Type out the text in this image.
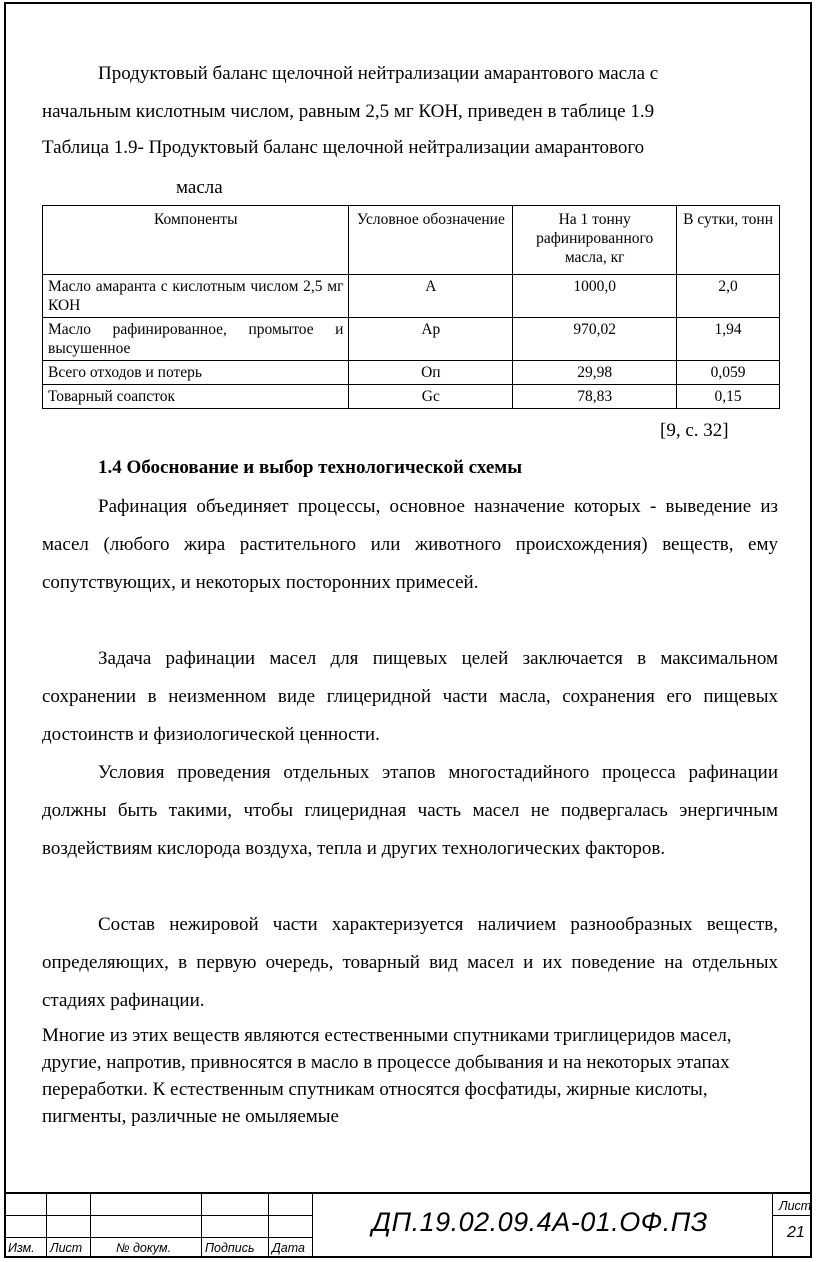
Продуктовый баланс щелочной нейтрализации амарантового масла с
начальным кислотным числом, равным 2,5 мг КОН, приведен в таблице 1.9

Таблица 1.9- Продуктовый баланс щелочной нейтрализации амарантового
масла

Компоненты	Условное обозначение	На 1 тонну рафинированного масла, кг	В сутки, тонн
Масло амаранта с кислотным числом 2,5 мг КОН	А	1000,0	2,0
Масло рафинированное, промытое и высушенное	Ар	970,02	1,94
Всего отходов и потерь	Оп	29,98	0,059
Товарный соапсток	Gс	78,83	0,15
[9, с. 32]
1.4 Обоснование и выбор технологической схемы

Рафинация объединяет процессы, основное назначение которых - выведение из масел (любого жира растительного или животного происхождения) веществ, ему сопутствующих, и некоторых посторонних примесей.

Задача рафинации масел для пищевых целей заключается в максимальном сохранении в неизменном виде глицеридной части масла, сохранения его пищевых достоинств и физиологической ценности.

Условия проведения отдельных этапов многостадийного процесса рафинации должны быть такими, чтобы глицеридная часть масел не подвергалась энергичным воздействиям кислорода воздуха, тепла и других технологических факторов.

Состав нежировой части характеризуется наличием разнообразных веществ, определяющих, в первую очередь, товарный вид масел и их поведение на отдельных стадиях рафинации.

Многие из этих веществ являются естественными спутниками триглицеридов масел, другие, напротив, привносятся в масло в процессе добывания и на некоторых этапах переработки. К естественным спутникам относятся фосфатиды, жирные кислоты, пигменты, различные не омыляемые

Изм. Лист	№ докум.	Подпись Дата
ДП.19.02.09.4А-01.ОФ.ПЗ
Лист
21
